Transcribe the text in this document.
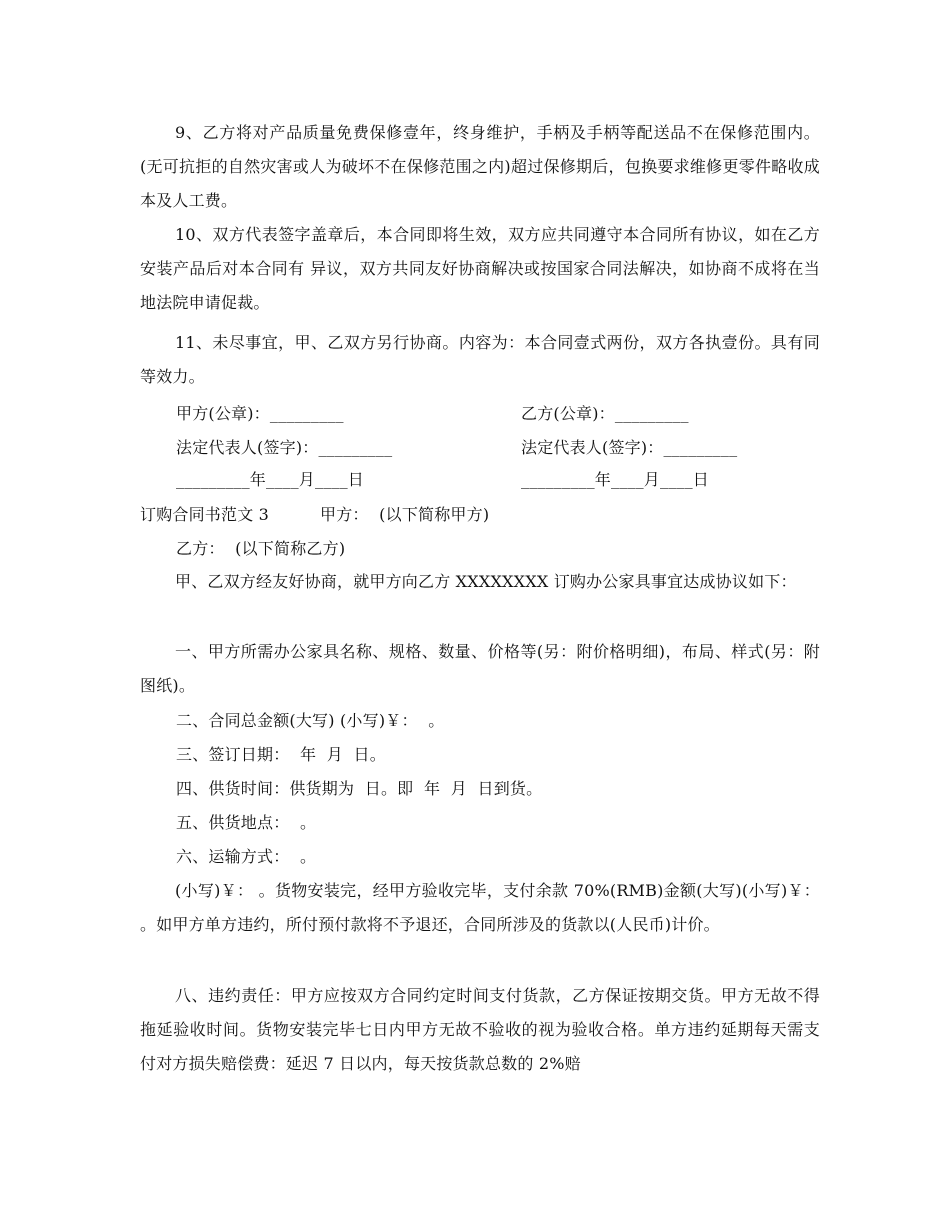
9、乙方将对产品质量免费保修壹年，终身维护，手柄及手柄等配送品不在保修范围内。(无可抗拒的自然灾害或人为破坏不在保修范围之内)超过保修期后，包换要求维修更零件略收成本及人工费。
10、双方代表签字盖章后，本合同即将生效，双方应共同遵守本合同所有协议，如在乙方安装产品后对本合同有 异议，双方共同友好协商解决或按国家合同法解决，如协商不成将在当地法院申请促裁。
11、未尽事宜，甲、乙双方另行协商。内容为：本合同壹式两份，双方各执壹份。具有同等效力。
甲方(公章)：_________	乙方(公章)：_________
法定代表人(签字)：_________	法定代表人(签字)：_________
_________年____月____日	_________年____月____日
订购合同书范文 3	甲方：  (以下简称甲方)
乙方：  (以下简称乙方)
甲、乙双方经友好协商，就甲方向乙方 XXXXXXXX 订购办公家具事宜达成协议如下：
一、甲方所需办公家具名称、规格、数量、价格等(另：附价格明细)，布局、样式(另：附图纸)。
二、合同总金额(大写) (小写)￥：  。
三、签订日期：  年  月  日。
四、供货时间：供货期为  日。即  年  月  日到货。
五、供货地点：  。
六、运输方式：  。
(小写)￥： 。货物安装完，经甲方验收完毕，支付余款 70%(RMB)金额(大写)(小写)￥： 。如甲方单方违约，所付预付款将不予退还，合同所涉及的货款以(人民币)计价。
八、违约责任：甲方应按双方合同约定时间支付货款，乙方保证按期交货。甲方无故不得拖延验收时间。货物安装完毕七日内甲方无故不验收的视为验收合格。单方违约延期每天需支付对方损失赔偿费：延迟 7 日以内，每天按货款总数的 2%赔
